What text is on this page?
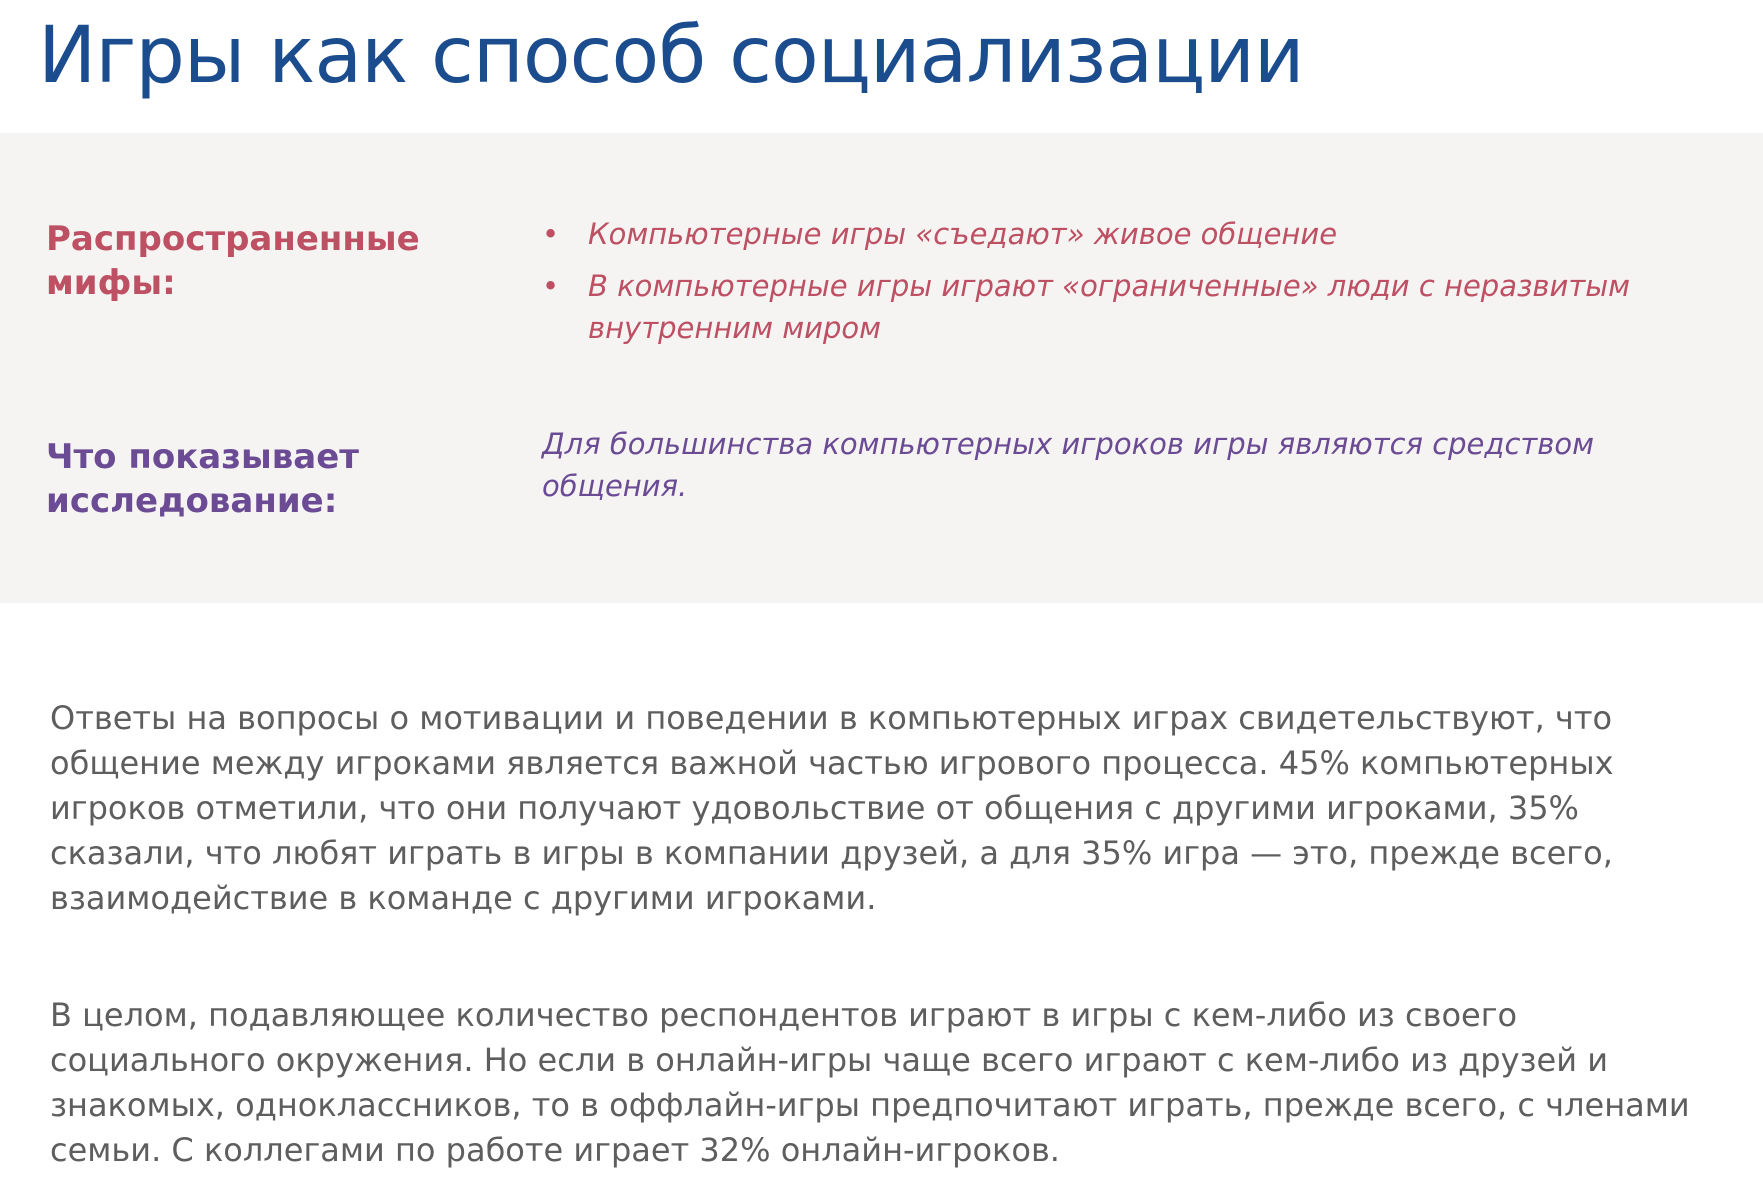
Игры как способ социализации
Распространенные мифы:
• Компьютерные игры «съедают» живое общение
• В компьютерные игры играют «ограниченные» люди с неразвитым внутренним миром
Что показывает исследование:

Для большинства компьютерных игроков игры являются средством общения.

Ответы на вопросы о мотивации и поведении в компьютерных играх свидетельствуют, что общение между игроками является важной частью игрового процесса. 45% компьютерных игроков отметили, что они получают удовольствие от общения с другими игроками, 35% сказали, что любят играть в игры в компании друзей, а для 35% игра — это, прежде всего, взаимодействие в команде с другими игроками.

В целом, подавляющее количество респондентов играют в игры с кем-либо из своего социального окружения. Но если в онлайн-игры чаще всего играют с кем-либо из друзей и знакомых, одноклассников, то в оффлайн-игры предпочитают играть, прежде всего, с членами семьи. С коллегами по работе играет 32% онлайн-игроков.
